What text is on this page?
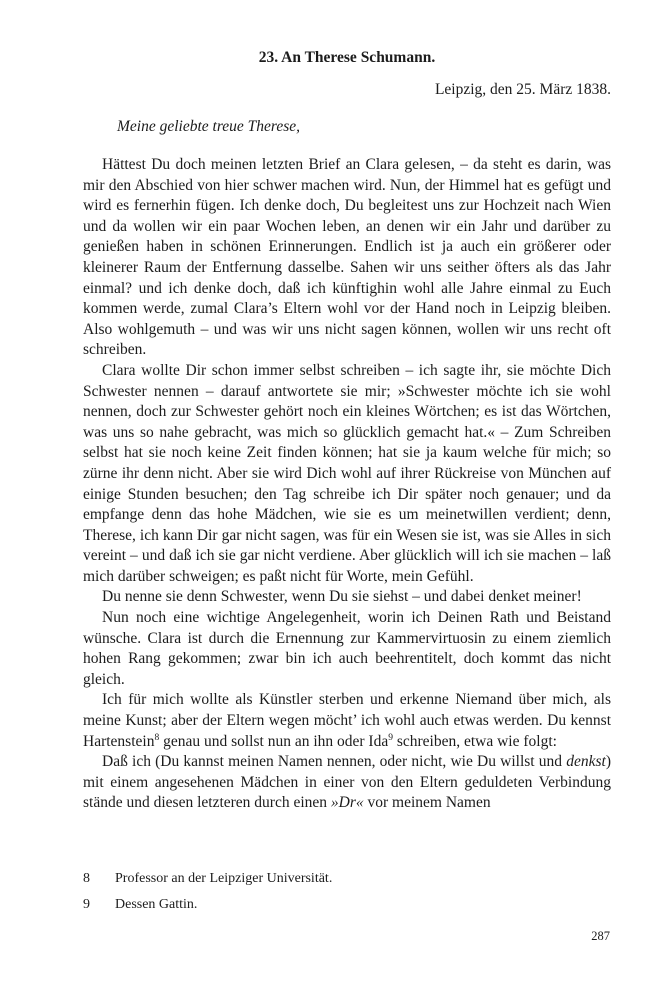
23. An Therese Schumann.
Leipzig, den 25. März 1838.
Meine geliebte treue Therese,

Hättest Du doch meinen letzten Brief an Clara gelesen, – da steht es darin, was mir den Abschied von hier schwer machen wird. Nun, der Himmel hat es gefügt und wird es fernerhin fügen. Ich denke doch, Du begleitest uns zur Hochzeit nach Wien und da wollen wir ein paar Wochen leben, an denen wir ein Jahr und darüber zu genießen haben in schönen Erinnerungen. Endlich ist ja auch ein größerer oder kleinerer Raum der Entfernung dasselbe. Sahen wir uns seither öfters als das Jahr einmal? und ich denke doch, daß ich künftighin wohl alle Jahre einmal zu Euch kommen werde, zumal Clara’s Eltern wohl vor der Hand noch in Leipzig bleiben. Also wohlgemuth – und was wir uns nicht sagen können, wollen wir uns recht oft schreiben.

Clara wollte Dir schon immer selbst schreiben – ich sagte ihr, sie möchte Dich Schwester nennen – darauf antwortete sie mir; »Schwester möchte ich sie wohl nennen, doch zur Schwester gehört noch ein kleines Wörtchen; es ist das Wörtchen, was uns so nahe gebracht, was mich so glücklich gemacht hat.« – Zum Schreiben selbst hat sie noch keine Zeit finden können; hat sie ja kaum welche für mich; so zürne ihr denn nicht. Aber sie wird Dich wohl auf ihrer Rückreise von München auf einige Stunden besuchen; den Tag schreibe ich Dir später noch genauer; und da empfange denn das hohe Mädchen, wie sie es um meinetwillen verdient; denn, Therese, ich kann Dir gar nicht sagen, was für ein Wesen sie ist, was sie Alles in sich vereint – und daß ich sie gar nicht verdiene. Aber glücklich will ich sie machen – laß mich darüber schweigen; es paßt nicht für Worte, mein Gefühl.

Du nenne sie denn Schwester, wenn Du sie siehst – und dabei denket meiner!

Nun noch eine wichtige Angelegenheit, worin ich Deinen Rath und Beistand wünsche. Clara ist durch die Ernennung zur Kammervirtuosin zu einem ziemlich hohen Rang gekommen; zwar bin ich auch beehrentitelt, doch kommt das nicht gleich.

Ich für mich wollte als Künstler sterben und erkenne Niemand über mich, als meine Kunst; aber der Eltern wegen möcht’ ich wohl auch etwas werden. Du kennst Hartenstein$^8$ genau und sollst nun an ihn oder Ida$^9$ schreiben, etwa wie folgt:

Daß ich (Du kannst meinen Namen nennen, oder nicht, wie Du willst und denkst) mit einem angesehenen Mädchen in einer von den Eltern geduldeten Verbindung stände und diesen letzteren durch einen »Dr« vor meinem Namen

8	Professor an der Leipziger Universität.
9	Dessen Gattin.
287
